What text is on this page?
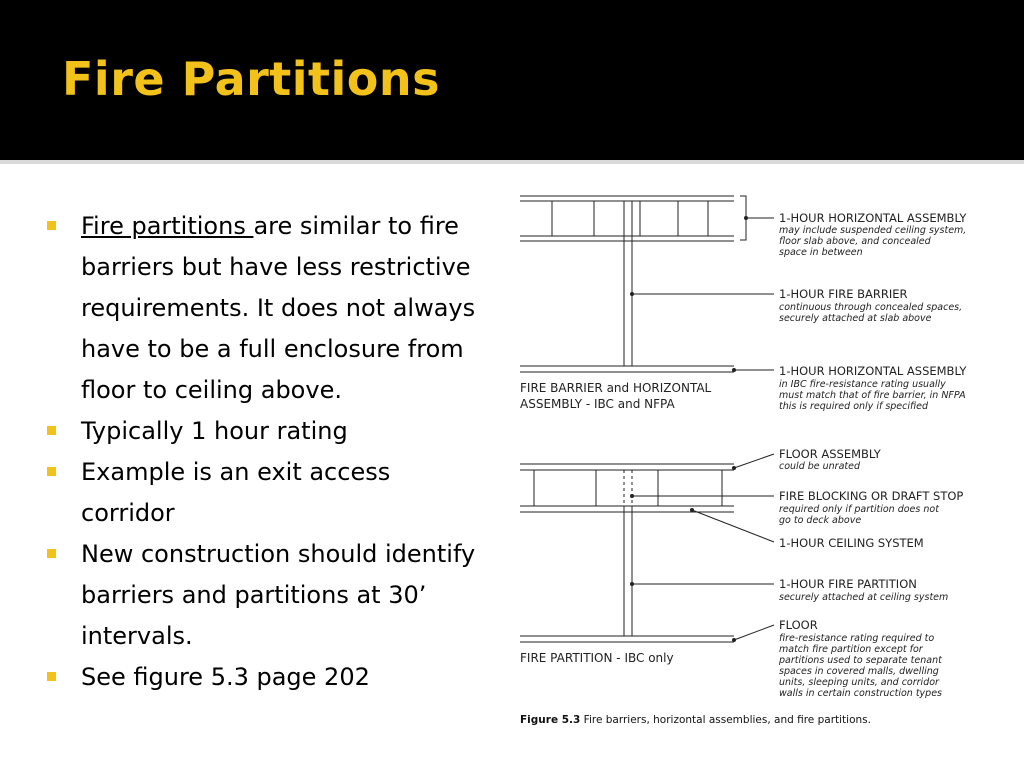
Fire Partitions
Fire partitions are similar to fire barriers but have less restrictive requirements. It does not always have to be a full enclosure from floor to ceiling above.
Typically 1 hour rating
Example is an exit access corridor
New construction should identify barriers and partitions at 30’ intervals.
See figure 5.3 page 202
FIRE BARRIER and HORIZONTAL
ASSEMBLY - IBC and NFPA
FIRE PARTITION - IBC only
1-HOUR HORIZONTAL ASSEMBLY
may include suspended ceiling system,
floor slab above, and concealed
space in between
1-HOUR FIRE BARRIER
continuous through concealed spaces,
securely attached at slab above
1-HOUR HORIZONTAL ASSEMBLY
in IBC fire-resistance rating usually
must match that of fire barrier, in NFPA
this is required only if specified
FLOOR ASSEMBLY
could be unrated
FIRE BLOCKING OR DRAFT STOP
required only if partition does not
go to deck above
1-HOUR CEILING SYSTEM
1-HOUR FIRE PARTITION
securely attached at ceiling system
FLOOR
fire-resistance rating required to
match fire partition except for
partitions used to separate tenant
spaces in covered malls, dwelling
units, sleeping units, and corridor
walls in certain construction types
Figure 5.3 Fire barriers, horizontal assemblies, and fire partitions.
